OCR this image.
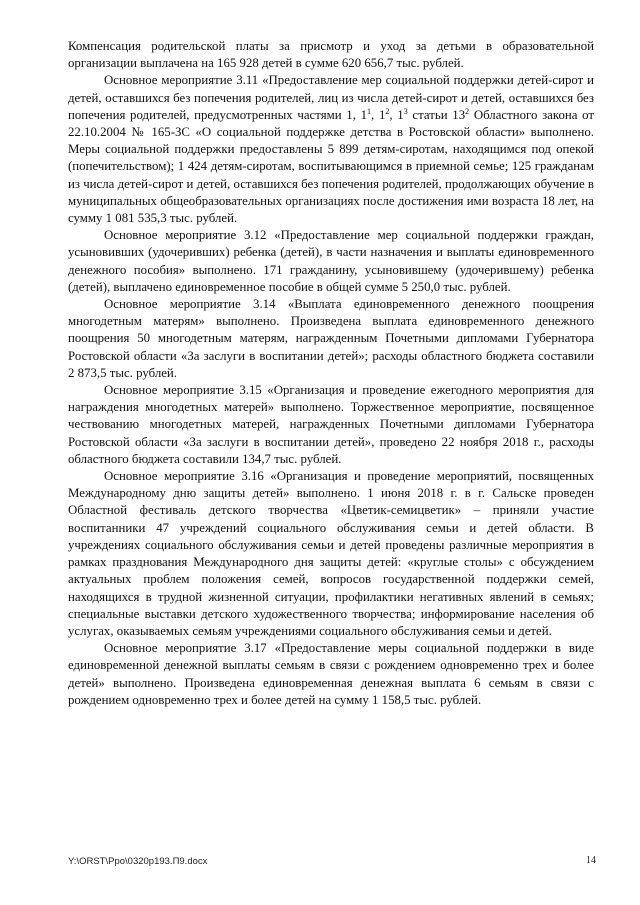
Компенсация родительской платы за присмотр и уход за детьми в образовательной организации выплачена на 165 928 детей в сумме 620 656,7 тыс. рублей.

Основное мероприятие 3.11 «Предоставление мер социальной поддержки детей-сирот и детей, оставшихся без попечения родителей, лиц из числа детей-сирот и детей, оставшихся без попечения родителей, предусмотренных частями 1, $1^1$, $1^2$, $1^3$ статьи $13^2$ Областного закона от 22.10.2004 № 165-ЗС «О социальной поддержке детства в Ростовской области» выполнено. Меры социальной поддержки предоставлены 5 899 детям-сиротам, находящимся под опекой (попечительством); 1 424 детям-сиротам, воспитывающимся в приемной семье; 125 гражданам из числа детей-сирот и детей, оставшихся без попечения родителей, продолжающих обучение в муниципальных общеобразовательных организациях после достижения ими возраста 18 лет, на сумму 1 081 535,3 тыс. рублей.

Основное мероприятие 3.12 «Предоставление мер социальной поддержки граждан, усыновивших (удочеривших) ребенка (детей), в части назначения и выплаты единовременного денежного пособия» выполнено. 171 гражданину, усыновившему (удочерившему) ребенка (детей), выплачено единовременное пособие в общей сумме 5 250,0 тыс. рублей.

Основное мероприятие 3.14 «Выплата единовременного денежного поощрения многодетным матерям» выполнено. Произведена выплата единовременного денежного поощрения 50 многодетным матерям, награжденным Почетными дипломами Губернатора Ростовской области «За заслуги в воспитании детей»; расходы областного бюджета составили 2 873,5 тыс. рублей.

Основное мероприятие 3.15 «Организация и проведение ежегодного мероприятия для награждения многодетных матерей» выполнено. Торжественное мероприятие, посвященное чествованию многодетных матерей, награжденных Почетными дипломами Губернатора Ростовской области «За заслуги в воспитании детей», проведено 22 ноября 2018 г., расходы областного бюджета составили 134,7 тыс. рублей.

Основное мероприятие 3.16 «Организация и проведение мероприятий, посвященных Международному дню защиты детей» выполнено. 1 июня 2018 г. в г. Сальске проведен Областной фестиваль детского творчества «Цветик-семицветик» – приняли участие воспитанники 47 учреждений социального обслуживания семьи и детей области. В учреждениях социального обслуживания семьи и детей проведены различные мероприятия в рамках празднования Международного дня защиты детей: «круглые столы» с обсуждением актуальных проблем положения семей, вопросов государственной поддержки семей, находящихся в трудной жизненной ситуации, профилактики негативных явлений в семьях; специальные выставки детского художественного творчества; информирование населения об услугах, оказываемых семьям учреждениями социального обслуживания семьи и детей.

Основное мероприятие 3.17 «Предоставление меры социальной поддержки в виде единовременной денежной выплаты семьям в связи с рождением одновременно трех и более детей» выполнено. Произведена единовременная денежная выплата 6 семьям в связи с рождением одновременно трех и более детей на сумму 1 158,5 тыс. рублей.

Y:\ORST\Ppo\0320p193.П9.docx	14
